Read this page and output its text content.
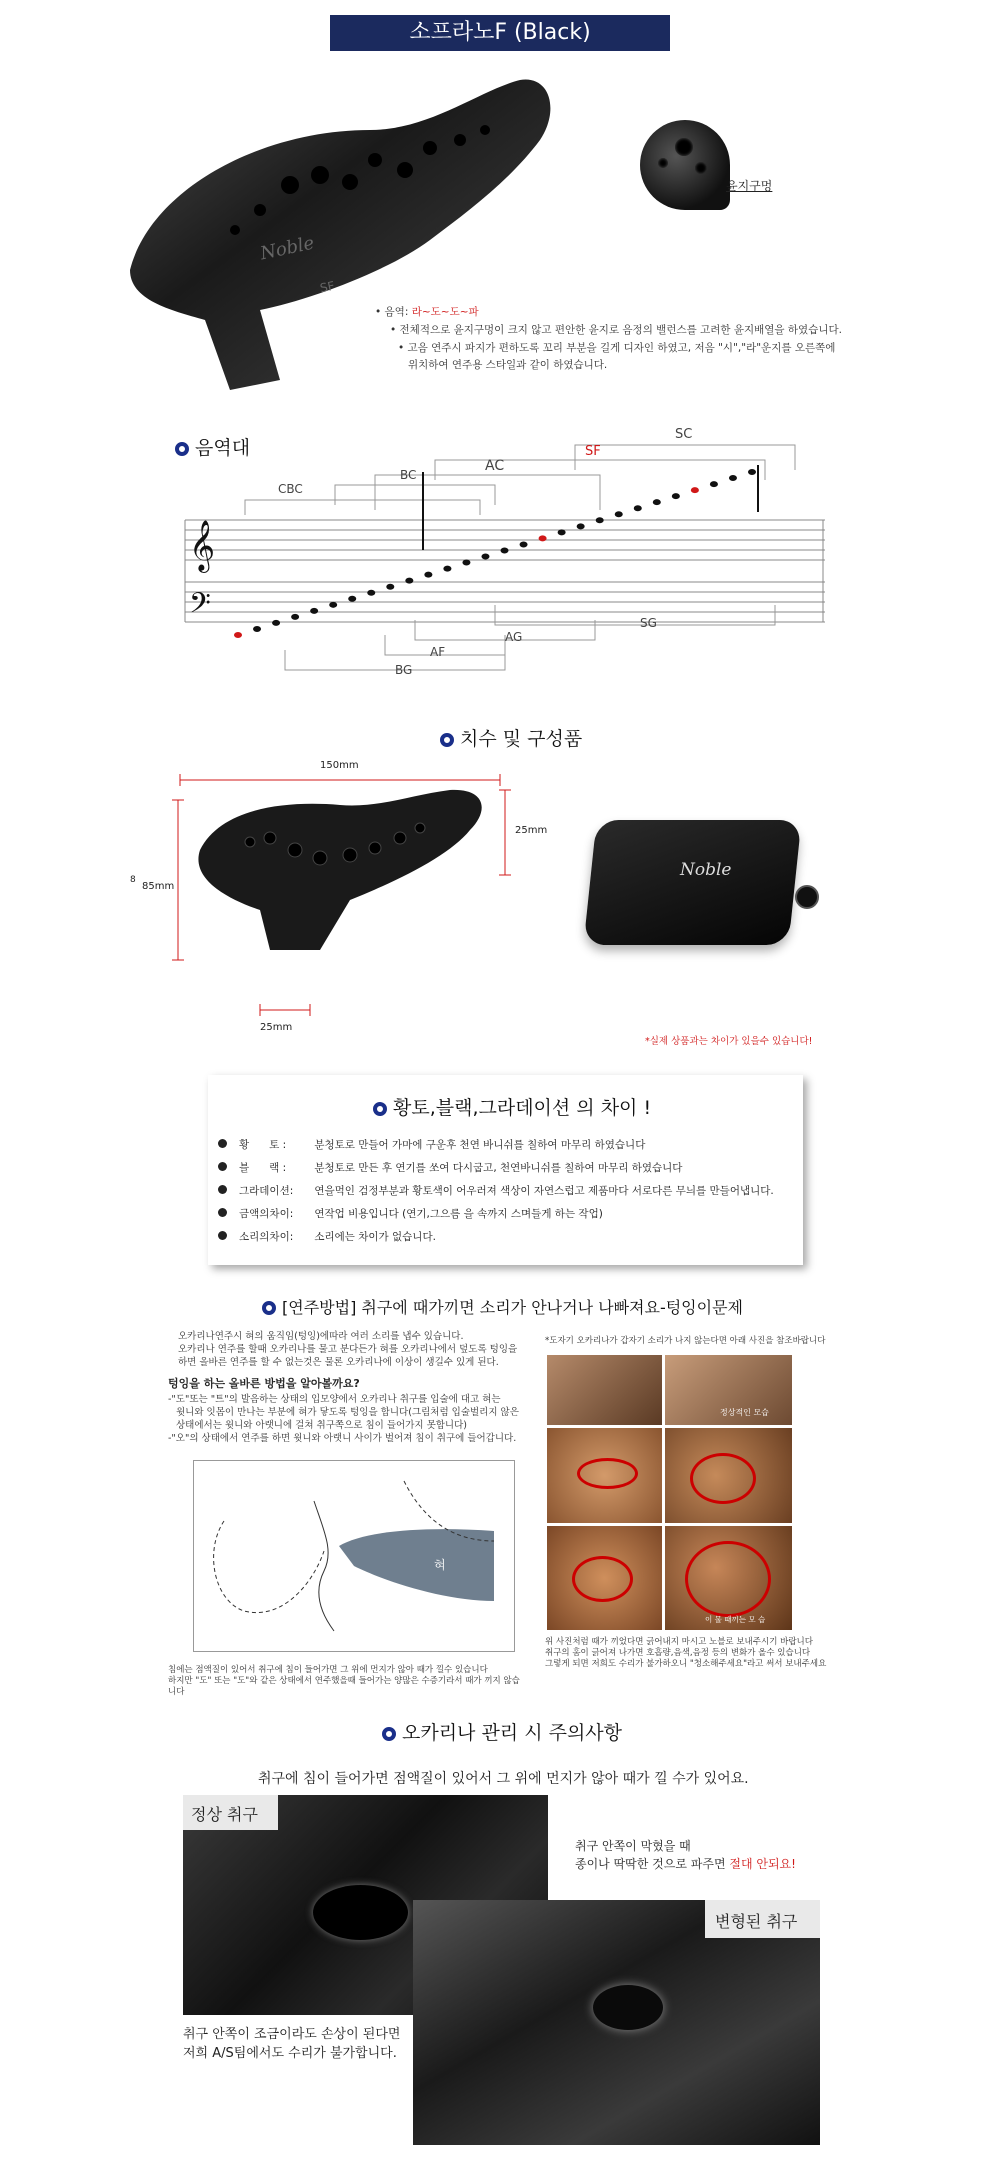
소프라노F (Black)
Noble
SF
윤지구멍
• 음역: 라~도~도~파
• 전체적으로 윤지구멍이 크지 않고 편안한 윤지로 음정의 밸런스를 고려한 윤지배열을 하였습니다.
• 고음 연주시 파지가 편하도록 꼬리 부분을 길게 디자인 하였고, 저음 "시","라"운지를 오른쪽에
위치하여 연주용 스타일과 같이 하였습니다.
음역대
𝄞
𝄢
SC
SF
AC
BC
CBC
SG
AG
AF
BG
치수 및 구성품
150mm
25mm
8
85mm
25mm
Noble
*실제 상품과는 차이가 있을수 있습니다!
황토,블랙,그라데이션 의 차이 !
황      토 :	분청토로 만들어 가마에 구운후 천연 바니쉬를 칠하여 마무리 하였습니다
블      랙 :	분청토로 만든 후 연기를 쏘여 다시굽고, 천연바니쉬를 칠하여 마무리 하였습니다
그라데이션: 연을먹인 검정부분과 황토색이 어우러져 색상이 자연스럽고 제품마다 서로다른 무늬를 만들어냅니다.
금액의차이: 연작업 비용입니다 (연기,그으름 을 속까지 스며들게 하는 작업)
소리의차이: 소리에는 차이가 없습니다.
[연주방법] 취구에 때가끼면 소리가 안나거나 나빠져요-텅잉이문제
오카리나연주시 혀의 움직임(텅잉)에따라 여러 소리를 냅수 있습니다.
오카리나 연주를 할때 오카리나를 물고 분다든가 혀를 오카리나에서 덮도록 텅잉을
하면 올바른 연주를 할 수 없는것은 물론 오카리나에 이상이 생길수 있게 된다.
텅잉을 하는 올바른 방법을 알아볼까요?
-"도"또는 "트"의 발음하는 상태의 입모양에서 오카리나 취구를 입술에 대고 혀는
윗니와 잇몸이 만나는 부분에 혀가 닿도록 텅잉을 합니다(그림처럼 입술벌리지 않은
상태에서는 윗니와 아랫니에 걸쳐 취구쪽으로 침이 들어가지 못합니다)
-"오"의 상태에서 연주를 하면 윗니와 아랫니 사이가 벌어져 침이 취구에 들어갑니다.
혀
침에는 점액질이 있어서 취구에 침이 들어가면 그 위에 먼지가 않아 때가 낄수 있습니다
하지만 "도" 또는 "도"와 같은 상태에서 연주했을때 들어가는 양많은 수증기라서 때가 끼지 않습니다
*도자기 오카리나가 갑자기 소리가 나지 않는다면 아래 사진을 참조바랍니다
정상적인 모습
이 물 때끼는 모 습
위 사진처럼 때가 끼었다면 긁어내지 마시고 노블로 보내주시기 바랍니다
취구의 홈이 긁어져 나가면 호흡량,음색,음정 등의 변화가 올수 있습니다
그렇게 되면 저희도 수리가 불가하오니 "청소해주세요"라고 써서 보내주세요
오카리나 관리 시 주의사항
취구에 침이 들어가면 점액질이 있어서 그 위에 먼지가 않아 때가 낄 수가 있어요.
정상 취구
취구 안쪽이 막혔을 때
종이나 딱딱한 것으로 파주면 절대 안되요!
변형된 취구
취구 안쪽이 조금이라도 손상이 된다면
저희 A/S팀에서도 수리가 불가합니다.
